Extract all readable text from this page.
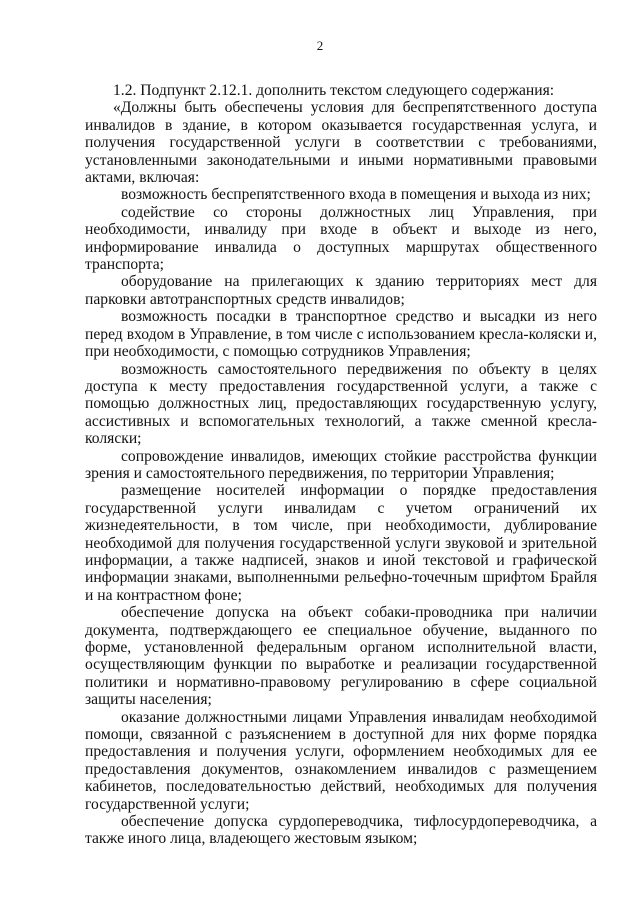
2

1.2. Подпункт 2.12.1. дополнить текстом следующего содержания:

«Должны быть обеспечены условия для беспрепятственного доступа инвалидов в здание, в котором оказывается государственная услуга, и получения государственной услуги в соответствии с требованиями, установленными законодательными и иными нормативными правовыми актами, включая:

возможность беспрепятственного входа в помещения и выхода из них;

содействие со стороны должностных лиц Управления, при необходимости, инвалиду при входе в объект и выходе из него, информирование инвалида о доступных маршрутах общественного транспорта;

оборудование на прилегающих к зданию территориях мест для парковки автотранспортных средств инвалидов;

возможность посадки в транспортное средство и высадки из него перед входом в Управление, в том числе с использованием кресла-коляски и, при необходимости, с помощью сотрудников Управления;

возможность самостоятельного передвижения по объекту в целях доступа к месту предоставления государственной услуги, а также с помощью должностных лиц, предоставляющих государственную услугу, ассистивных и вспомогательных технологий, а также сменной кресла-коляски;

сопровождение инвалидов, имеющих стойкие расстройства функции зрения и самостоятельного передвижения, по территории Управления;

размещение носителей информации о порядке предоставления государственной услуги инвалидам с учетом ограничений их жизнедеятельности, в том числе, при необходимости, дублирование необходимой для получения государственной услуги звуковой и зрительной информации, а также надписей, знаков и иной текстовой и графической информации знаками, выполненными рельефно-точечным шрифтом Брайля и на контрастном фоне;

обеспечение допуска на объект собаки-проводника при наличии документа, подтверждающего ее специальное обучение, выданного по форме, установленной федеральным органом исполнительной власти, осуществляющим функции по выработке и реализации государственной политики и нормативно-правовому регулированию в сфере социальной защиты населения;

оказание должностными лицами Управления инвалидам необходимой помощи, связанной с разъяснением в доступной для них форме порядка предоставления и получения услуги, оформлением необходимых для ее предоставления документов, ознакомлением инвалидов с размещением кабинетов, последовательностью действий, необходимых для получения государственной услуги;

обеспечение допуска сурдопереводчика, тифлосурдопереводчика, а также иного лица, владеющего жестовым языком;
